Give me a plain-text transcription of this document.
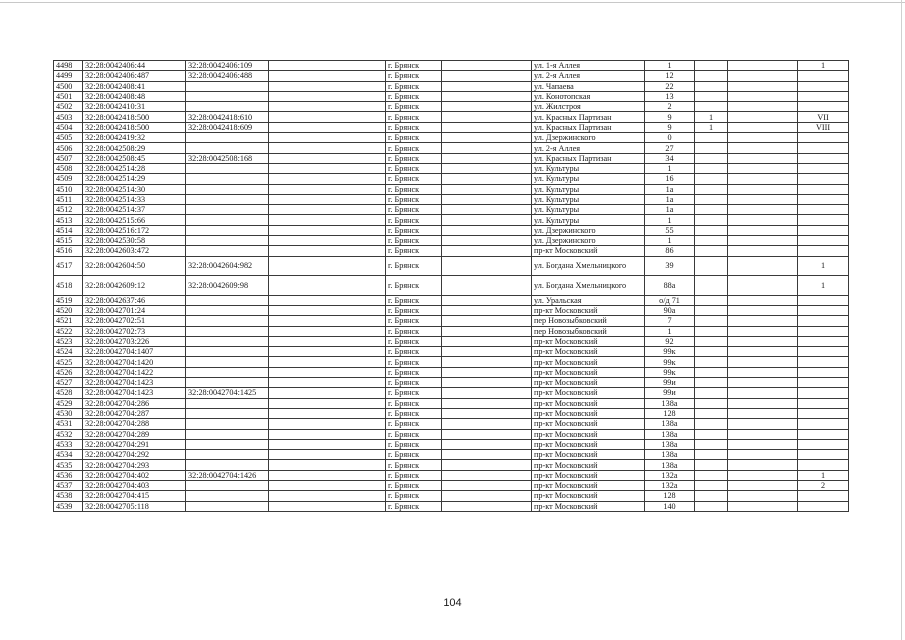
4498	32:28:0042406:44	32:28:0042406:109		г. Брянск		ул. 1-я Аллея	1			1
4499	32:28:0042406:487	32:28:0042406:488		г. Брянск		ул. 2-я Аллея	12			
4500	32:28:0042408:41			г. Брянск		ул. Чапаева	22			
4501	32:28:0042408:48			г. Брянск		ул. Конотопская	13			
4502	32:28:0042410:31			г. Брянск		ул. Жилстроя	2			
4503	32:28:0042418:500	32:28:0042418:610		г. Брянск		ул. Красных Партизан	9	1		VII
4504	32:28:0042418:500	32:28:0042418:609		г. Брянск		ул. Красных Партизан	9	1		VIII
4505	32:28:0042419:32			г. Брянск		ул. Дзержинского	0			
4506	32:28:0042508:29			г. Брянск		ул. 2-я Аллея	27			
4507	32:28:0042508:45	32:28:0042508:168		г. Брянск		ул. Красных Партизан	34			
4508	32:28:0042514:28			г. Брянск		ул. Культуры	1			
4509	32:28:0042514:29			г. Брянск		ул. Культуры	16			
4510	32:28:0042514:30			г. Брянск		ул. Культуры	1а			
4511	32:28:0042514:33			г. Брянск		ул. Культуры	1а			
4512	32:28:0042514:37			г. Брянск		ул. Культуры	1а			
4513	32:28:0042515:66			г. Брянск		ул. Культуры	1			
4514	32:28:0042516:172			г. Брянск		ул. Дзержинского	55			
4515	32:28:0042530:58			г. Брянск		ул. Дзержинского	1			
4516	32:28:0042603:472			г. Брянск		пр-кт Московский	86			
4517	32:28:0042604:50	32:28:0042604:982		г. Брянск		ул. Богдана Хмельницкого	39			1
4518	32:28:0042609:12	32:28:0042609:98		г. Брянск		ул. Богдана Хмельницкого	88а			1
4519	32:28:0042637:46			г. Брянск		ул. Уральская	о/д 71			
4520	32:28:0042701:24			г. Брянск		пр-кт Московский	90а			
4521	32:28:0042702:51			г. Брянск		пер Новозыбковский	7			
4522	32:28:0042702:73			г. Брянск		пер Новозыбковский	1			
4523	32:28:0042703:226			г. Брянск		пр-кт Московский	92			
4524	32:28:0042704:1407			г. Брянск		пр-кт Московский	99к			
4525	32:28:0042704:1420			г. Брянск		пр-кт Московский	99к			
4526	32:28:0042704:1422			г. Брянск		пр-кт Московский	99к			
4527	32:28:0042704:1423			г. Брянск		пр-кт Московский	99и			
4528	32:28:0042704:1423	32:28:0042704:1425		г. Брянск		пр-кт Московский	99и			
4529	32:28:0042704:286			г. Брянск		пр-кт Московский	138а			
4530	32:28:0042704:287			г. Брянск		пр-кт Московский	128			
4531	32:28:0042704:288			г. Брянск		пр-кт Московский	138а			
4532	32:28:0042704:289			г. Брянск		пр-кт Московский	138а			
4533	32:28:0042704:291			г. Брянск		пр-кт Московский	138а			
4534	32:28:0042704:292			г. Брянск		пр-кт Московский	138а			
4535	32:28:0042704:293			г. Брянск		пр-кт Московский	138а			
4536	32:28:0042704:402	32:28:0042704:1426		г. Брянск		пр-кт Московский	132а			1
4537	32:28:0042704:403			г. Брянск		пр-кт Московский	132а			2
4538	32:28:0042704:415			г. Брянск		пр-кт Московский	128			
4539	32:28:0042705:118			г. Брянск		пр-кт Московский	140			
104
